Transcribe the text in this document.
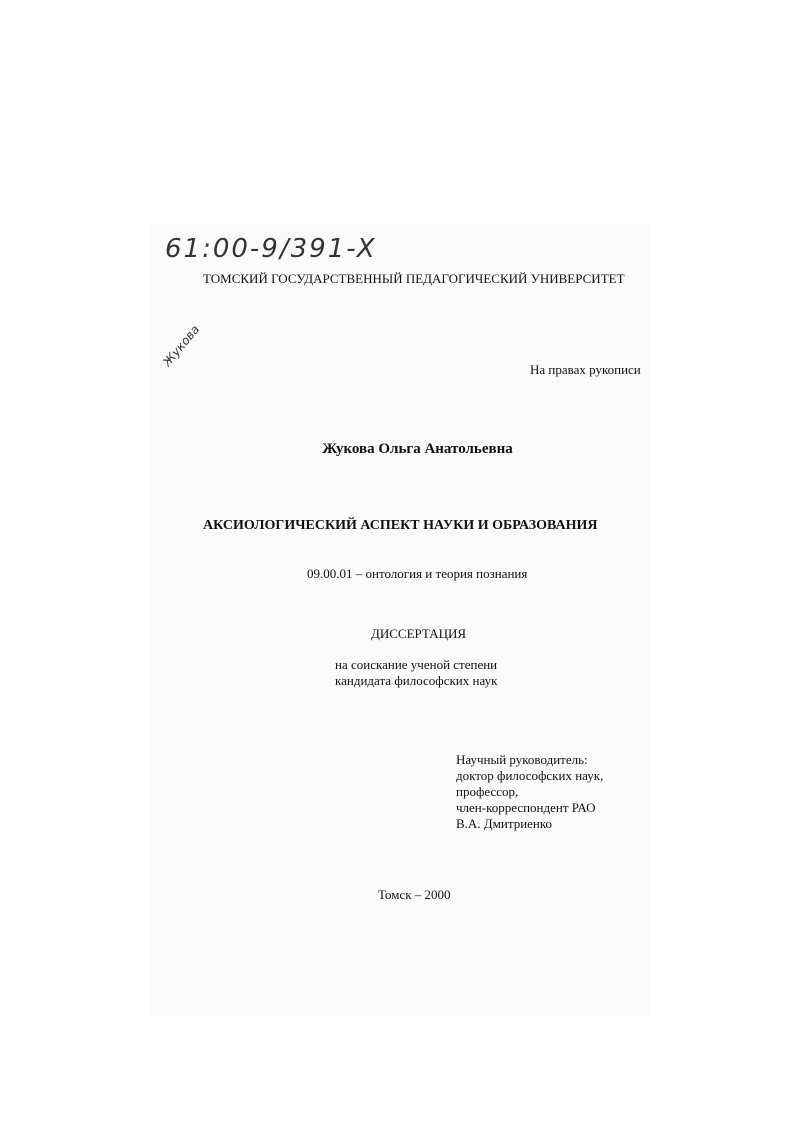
61:00-9/391-X
Жукова
ТОМСКИЙ ГОСУДАРСТВЕННЫЙ ПЕДАГОГИЧЕСКИЙ УНИВЕРСИТЕТ
На правах рукописи
Жукова Ольга Анатольевна
АКСИОЛОГИЧЕСКИЙ АСПЕКТ НАУКИ И ОБРАЗОВАНИЯ
09.00.01 – онтология и теория познания
ДИССЕРТАЦИЯ
на соискание ученой степени
кандидата философских наук
Научный руководитель:
доктор философских наук,
профессор,
член-корреспондент РАО
В.А. Дмитриенко
Томск – 2000
